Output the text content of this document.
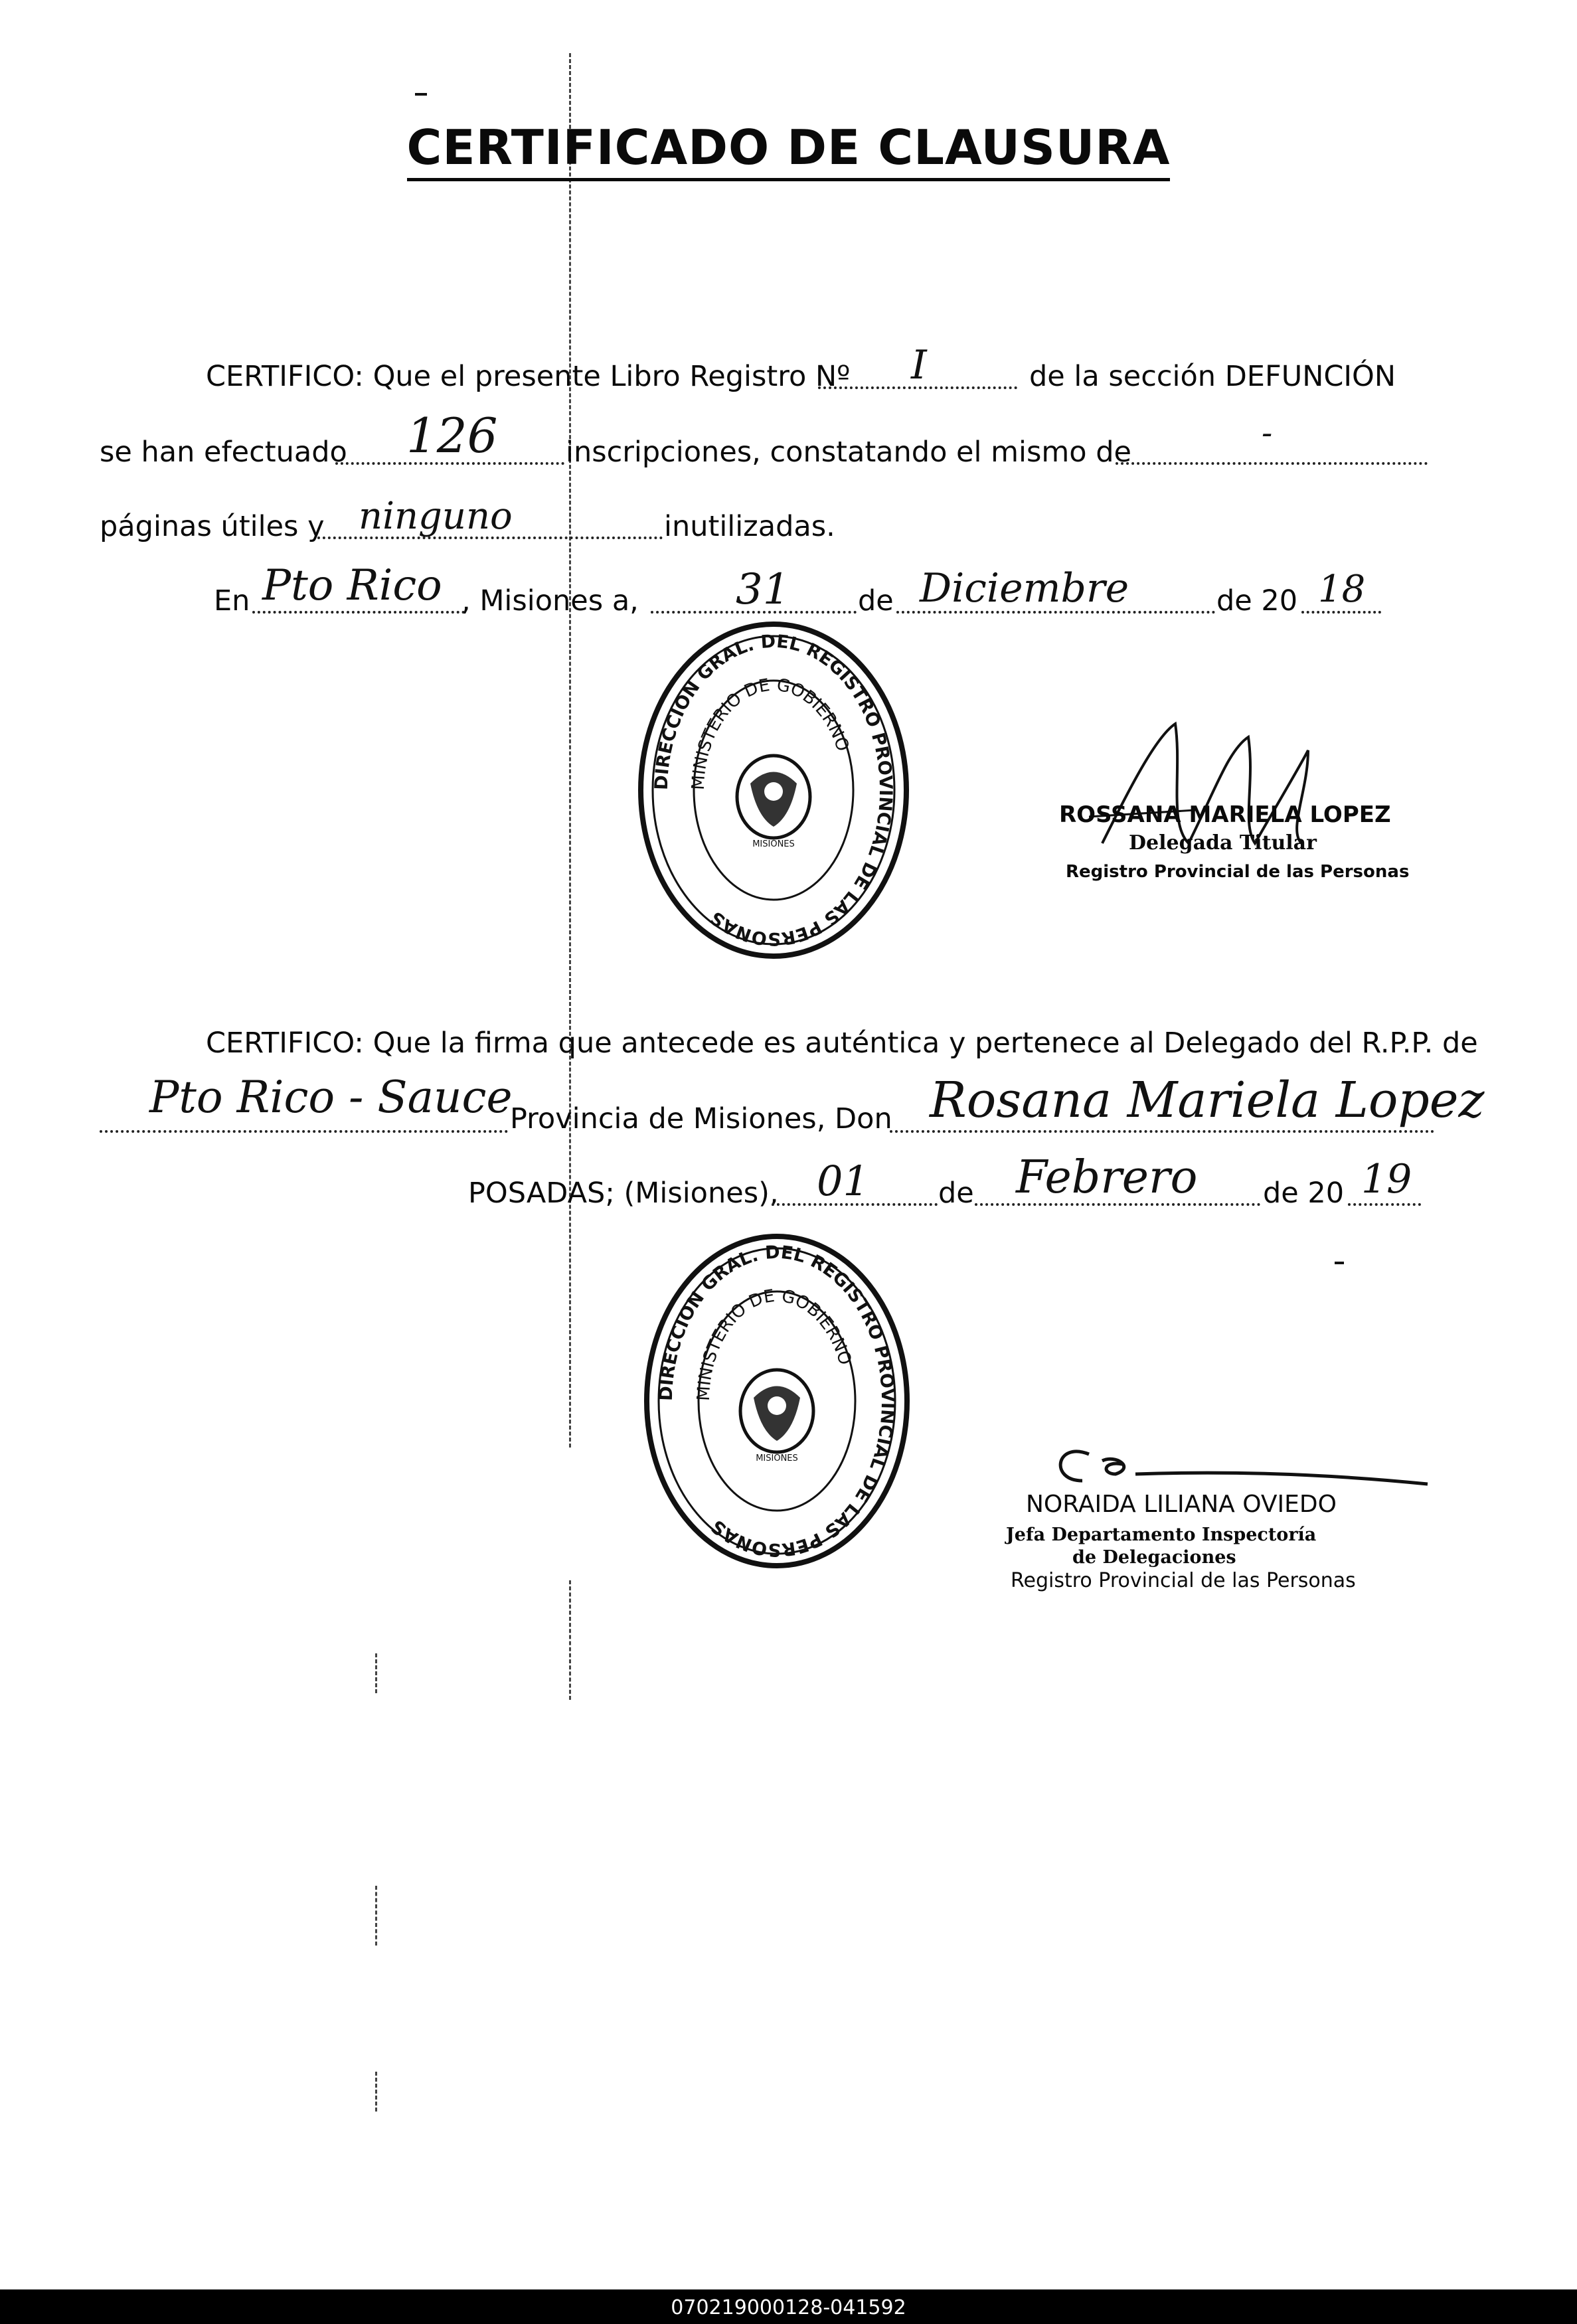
CERTIFICADO DE CLAUSURA
CERTIFICO: Que el presente Libro Registro Nº I	de la sección DEFUNCIÓN
se han efectuado 126 inscripciones, constatando el mismo de
-
páginas útiles y ninguno	inutilizadas.
En Pto Rico , Misiones a, 31 de Diciembre	de 20 18
DIRECCION GRAL. DEL REGISTRO PROVINCIAL DE LAS PERSONAS
MINISTERIO DE GOBIERNO
MISIONES
ROSSANA MARIELA LOPEZ
Delegada Titular
Registro Provincial de las Personas
CERTIFICO: Que la firma que antecede es auténtica y pertenece al Delegado del R.P.P. de
Pto Rico - Sauce
Provincia de Misiones, Don Rosana Mariela Lopez
POSADAS; (Misiones), 01 de Febrero de 20 19
DIRECCION GRAL. DEL REGISTRO PROVINCIAL DE LAS PERSONAS
MINISTERIO DE GOBIERNO
MISIONES
NORAIDA LILIANA OVIEDO
Jefa Departamento Inspectoría
de Delegaciones
Registro Provincial de las Personas
070219000128-041592
